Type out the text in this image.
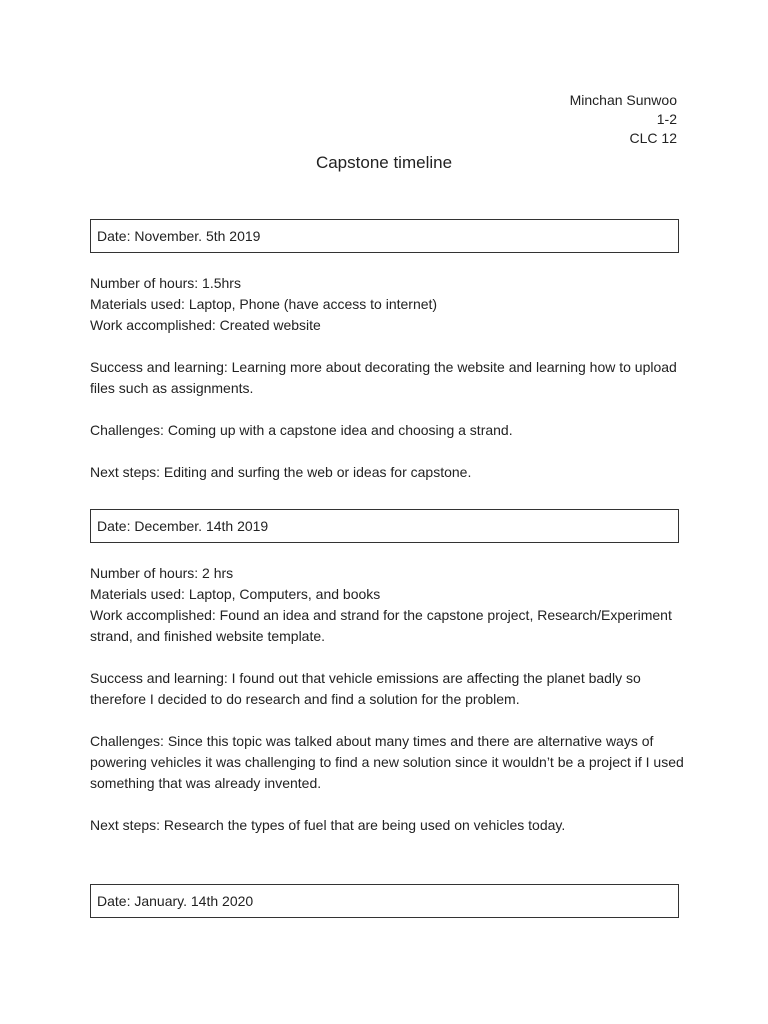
Minchan Sunwoo
1-2
CLC 12
Capstone timeline
Date: November. 5th 2019

Number of hours: 1.5hrs

Materials used: Laptop, Phone (have access to internet)

Work accomplished: Created website

Success and learning: Learning more about decorating the website and learning how to upload files such as assignments.

Challenges: Coming up with a capstone idea and choosing a strand.

Next steps: Editing and surfing the web or ideas for capstone.

Date: December. 14th 2019

Number of hours: 2 hrs

Materials used: Laptop, Computers, and books

Work accomplished: Found an idea and strand for the capstone project, Research/Experiment strand, and finished website template.

Success and learning: I found out that vehicle emissions are affecting the planet badly so therefore I decided to do research and find a solution for the problem.

Challenges: Since this topic was talked about many times and there are alternative ways of powering vehicles it was challenging to find a new solution since it wouldn’t be a project if I used something that was already invented.

Next steps: Research the types of fuel that are being used on vehicles today.

Date: January. 14th 2020
